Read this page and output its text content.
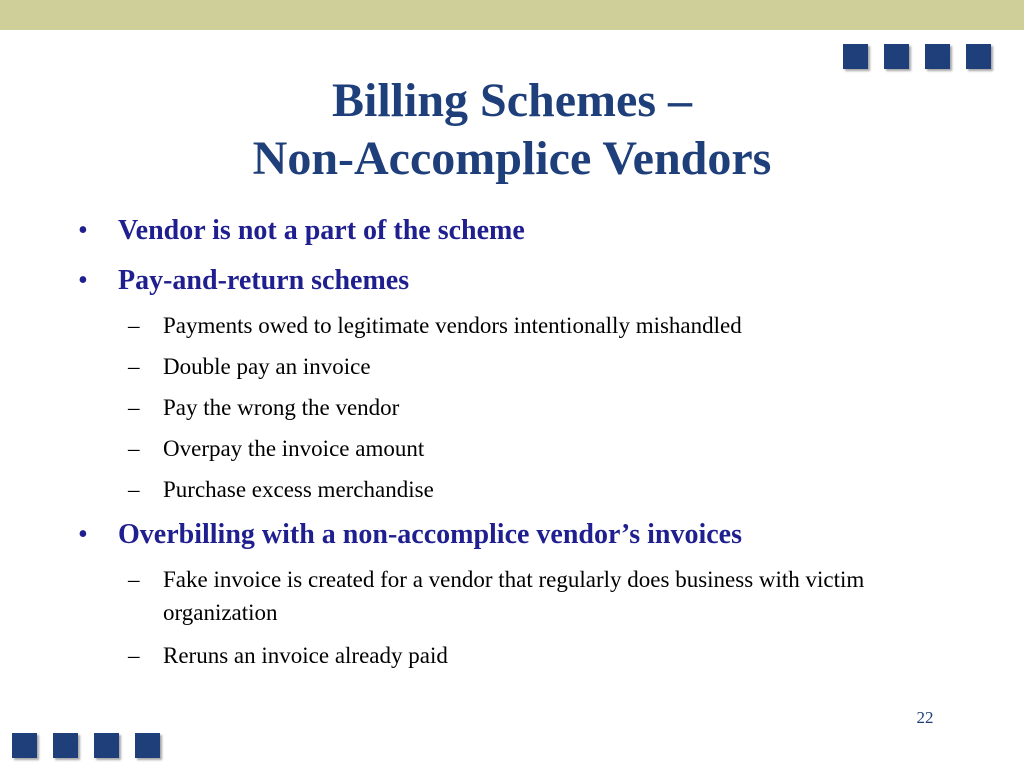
Billing Schemes –
Non-Accomplice Vendors
• Vendor is not a part of the scheme
• Pay-and-return schemes
– Payments owed to legitimate vendors intentionally mishandled
– Double pay an invoice
– Pay the wrong the vendor
– Overpay the invoice amount
– Purchase excess merchandise
• Overbilling with a non-accomplice vendor’s invoices
– Fake invoice is created for a vendor that regularly does business with victim organization
– Reruns an invoice already paid
22
